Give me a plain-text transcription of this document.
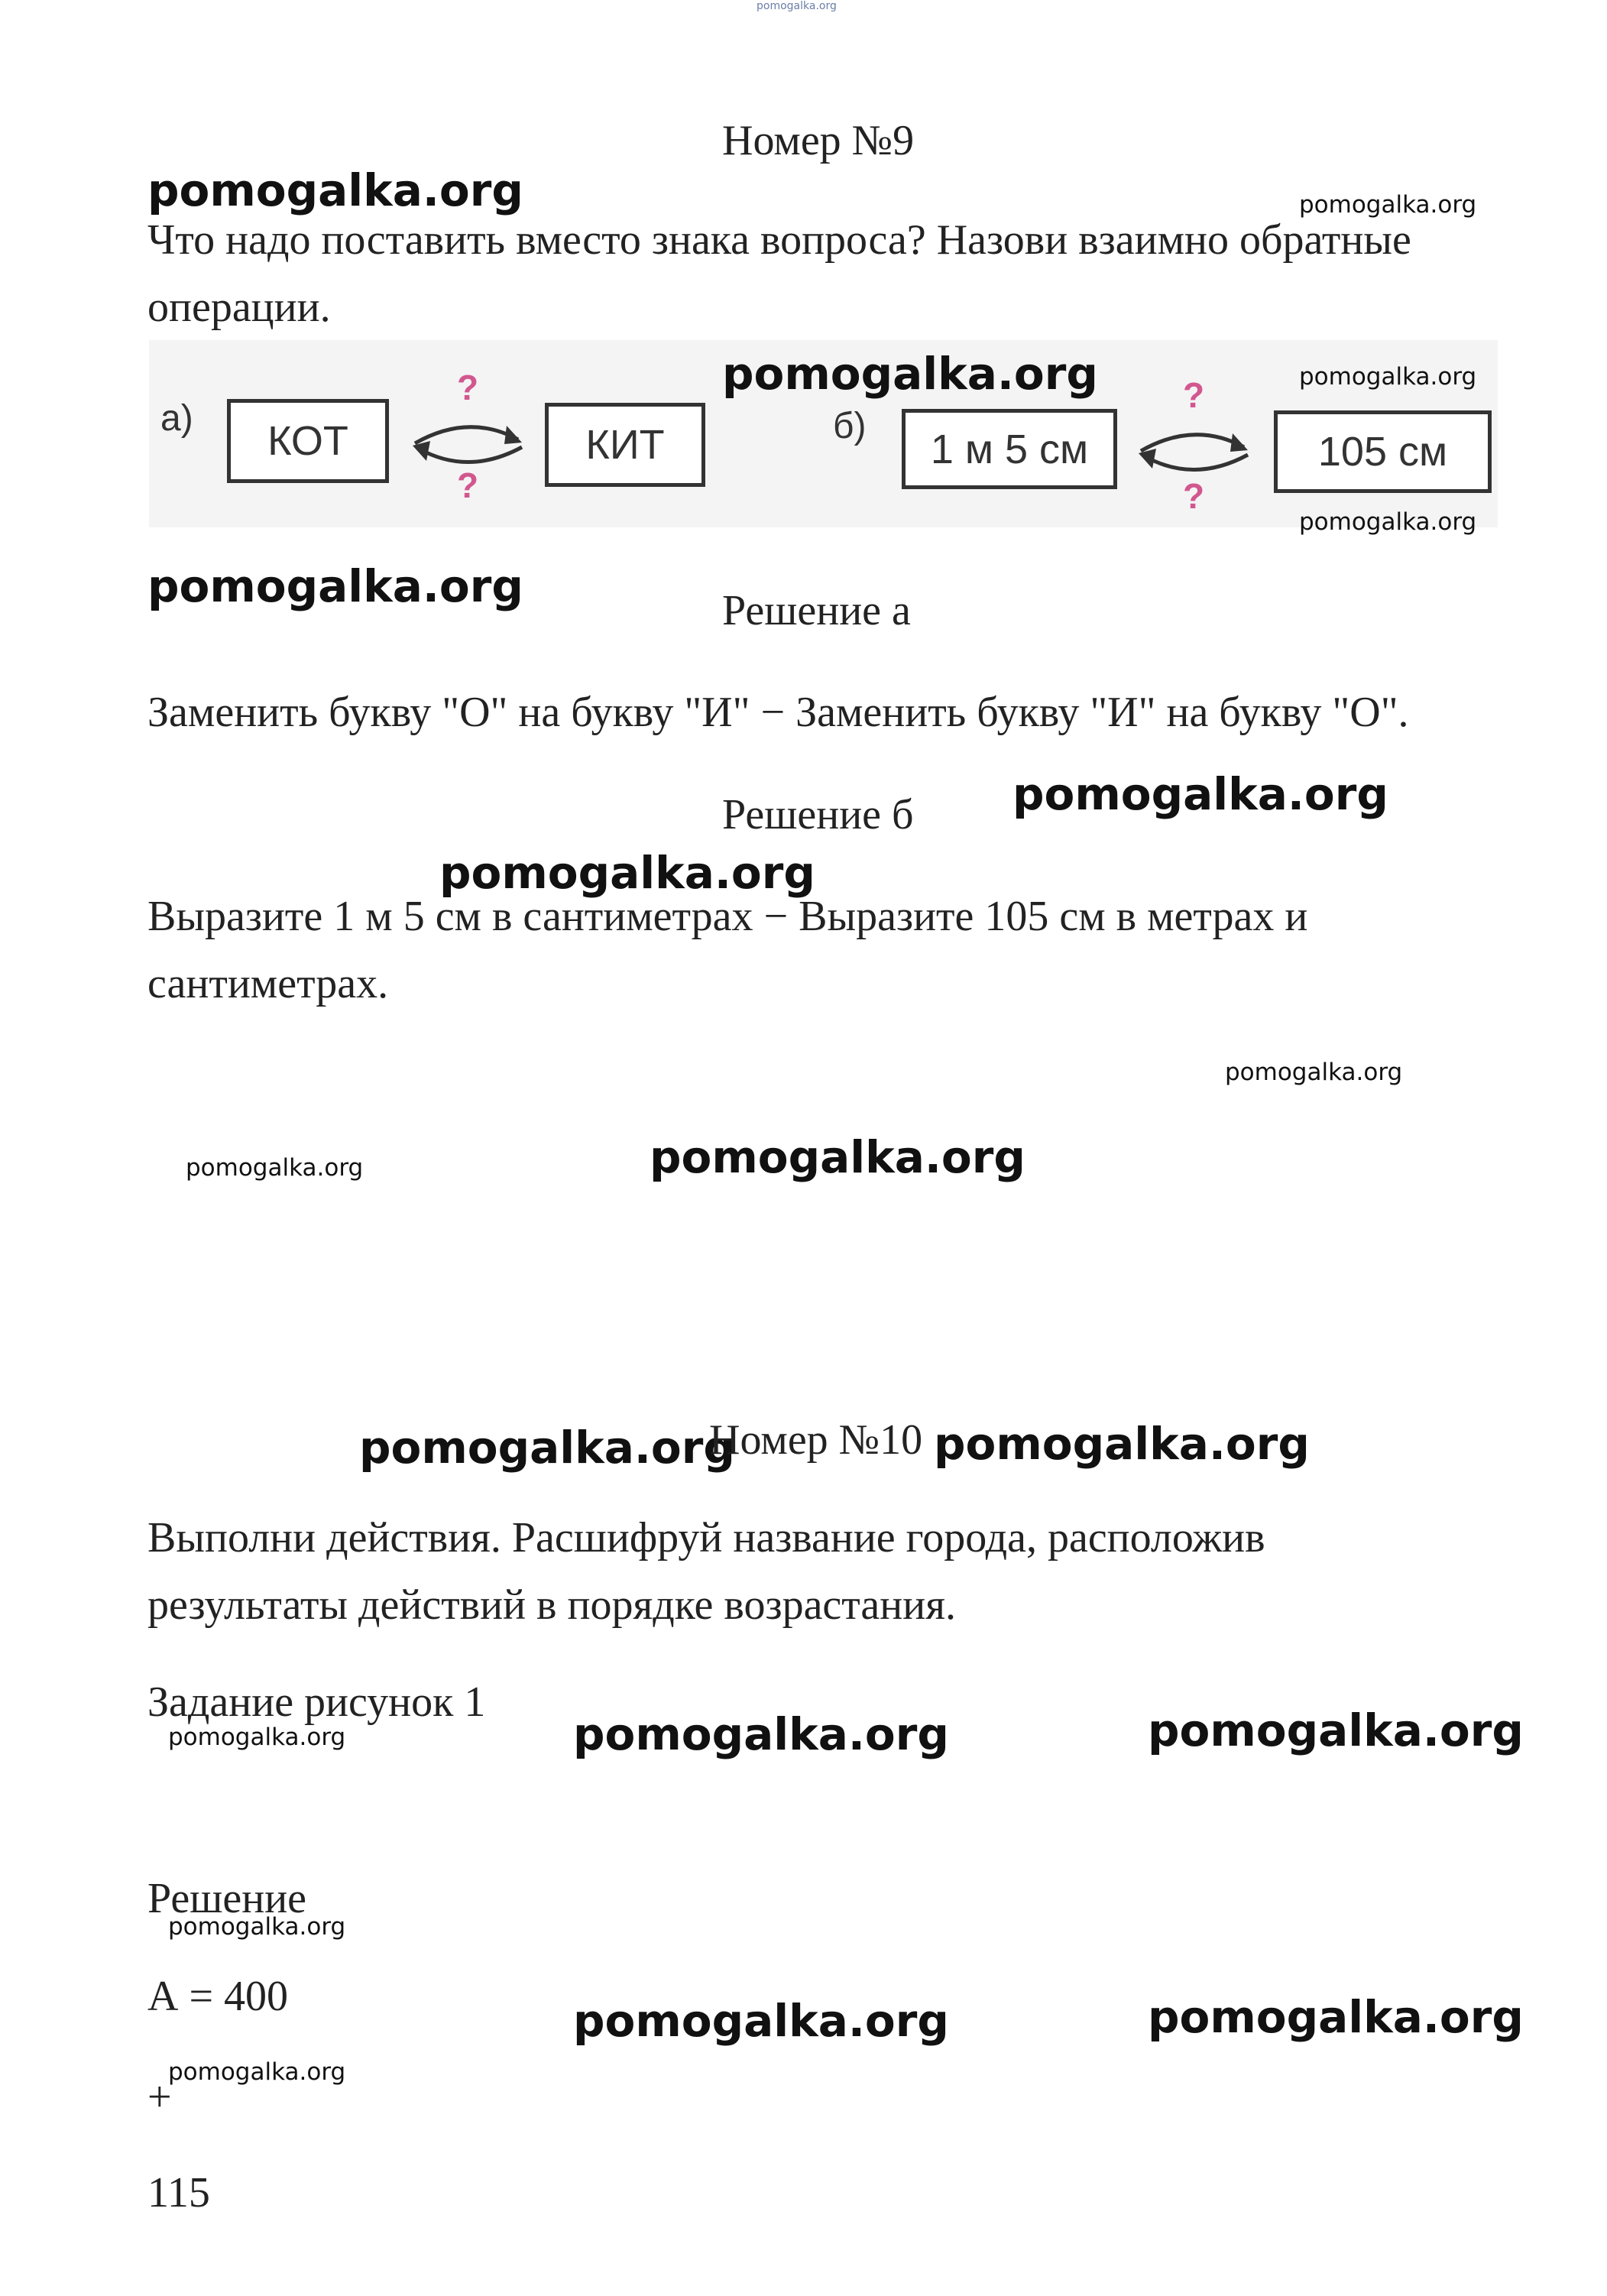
pomogalka.org
Номер №9
pomogalka.org	pomogalka.org
Что надо поставить вместо знака вопроса? Назови взаимно обратные
операции.
а)	КОТ
?
?
КИТ
pomogalka.org	pomogalka.org
б)	1 м 5 см
?
?
105 см
pomogalka.org
pomogalka.org	Решение а
Заменить букву "О" на букву "И" − Заменить букву "И" на букву "О".
Решение б pomogalka.org
pomogalka.org
Выразите 1 м 5 см в сантиметрах − Выразите 105 см в метрах и
сантиметрах.
pomogalka.org
pomogalka.org	pomogalka.org
pomogalka.org
Номер №10 pomogalka.org
Выполни действия. Расшифруй название города, расположив
результаты действий в порядке возрастания.
Задание рисунок 1
pomogalka.org	pomogalka.org	pomogalka.org
Решение
pomogalka.org
А = 400	pomogalka.org	pomogalka.org
pomogalka.org
+
115
